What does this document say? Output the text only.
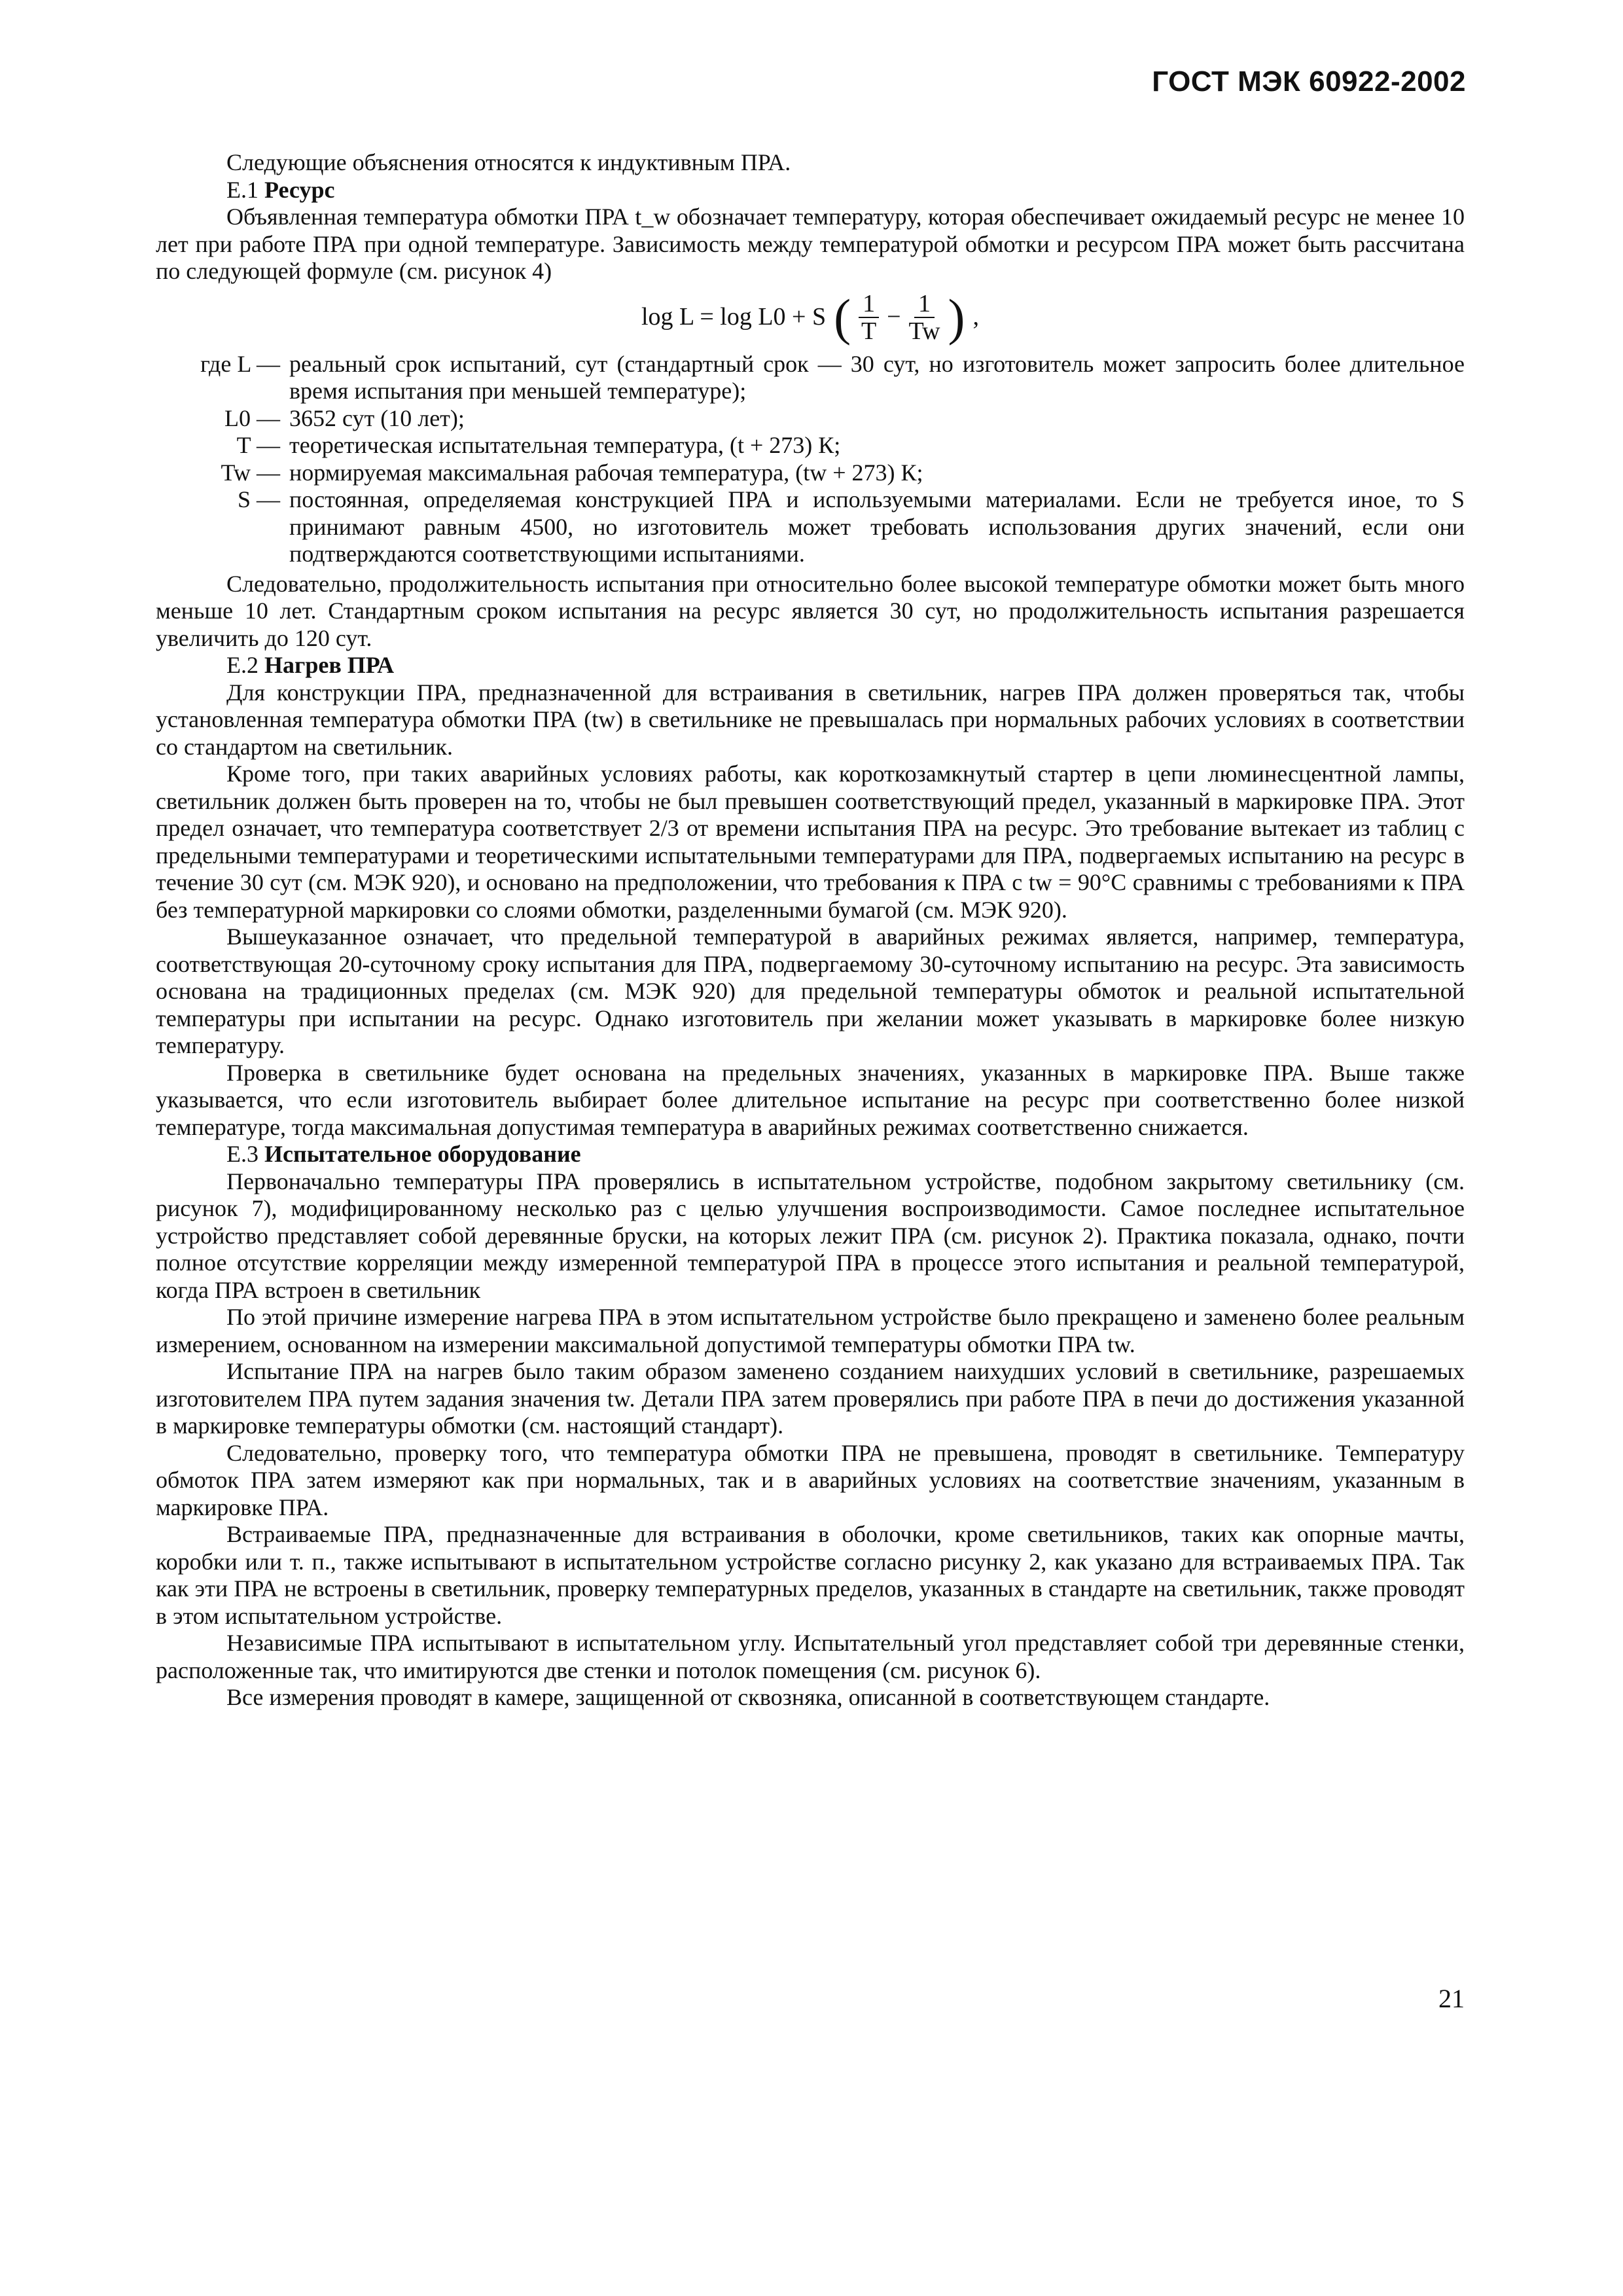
ГОСТ МЭК 60922-2002

Следующие объяснения относятся к индуктивным ПРА.

Е.1 Ресурс

Объявленная температура обмотки ПРА t_w обозначает температуру, которая обеспечивает ожидаемый ресурс не менее 10 лет при работе ПРА при одной температуре. Зависимость между температурой обмотки и ресурсом ПРА может быть рассчитана по следующей формуле (см. рисунок 4)

log L = log L0 + S ( $\frac{1}{T} - \frac{1}{Tw}$ ) ,
где L — реальный срок испытаний, сут (стандартный срок — 30 сут, но изготовитель может запросить более длительное время испытания при меньшей температуре);
L0 — 3652 сут (10 лет);
T — теоретическая испытательная температура, (t + 273) К;
Tw — нормируемая максимальная рабочая температура, (tw + 273) К;
S — постоянная, определяемая конструкцией ПРА и используемыми материалами. Если не требуется иное, то S принимают равным 4500, но изготовитель может требовать использования других значений, если они подтверждаются соответствующими испытаниями.

Следовательно, продолжительность испытания при относительно более высокой температуре обмотки может быть много меньше 10 лет. Стандартным сроком испытания на ресурс является 30 сут, но продолжительность испытания разрешается увеличить до 120 сут.

Е.2 Нагрев ПРА

Для конструкции ПРА, предназначенной для встраивания в светильник, нагрев ПРА должен проверяться так, чтобы установленная температура обмотки ПРА (tw) в светильнике не превышалась при нормальных рабочих условиях в соответствии со стандартом на светильник.

Кроме того, при таких аварийных условиях работы, как короткозамкнутый стартер в цепи люминесцентной лампы, светильник должен быть проверен на то, чтобы не был превышен соответствующий предел, указанный в маркировке ПРА. Этот предел означает, что температура соответствует 2/3 от времени испытания ПРА на ресурс. Это требование вытекает из таблиц с предельными температурами и теоретическими испытательными температурами для ПРА, подвергаемых испытанию на ресурс в течение 30 сут (см. МЭК 920), и основано на предположении, что требования к ПРА с tw = 90°С сравнимы с требованиями к ПРА без температурной маркировки со слоями обмотки, разделенными бумагой (см. МЭК 920).

Вышеуказанное означает, что предельной температурой в аварийных режимах является, например, температура, соответствующая 20-суточному сроку испытания для ПРА, подвергаемому 30-суточному испытанию на ресурс. Эта зависимость основана на традиционных пределах (см. МЭК 920) для предельной температуры обмоток и реальной испытательной температуры при испытании на ресурс. Однако изготовитель при желании может указывать в маркировке более низкую температуру.

Проверка в светильнике будет основана на предельных значениях, указанных в маркировке ПРА. Выше также указывается, что если изготовитель выбирает более длительное испытание на ресурс при соответственно более низкой температуре, тогда максимальная допустимая температура в аварийных режимах соответственно снижается.

Е.3 Испытательное оборудование

Первоначально температуры ПРА проверялись в испытательном устройстве, подобном закрытому светильнику (см. рисунок 7), модифицированному несколько раз с целью улучшения воспроизводимости. Самое последнее испытательное устройство представляет собой деревянные бруски, на которых лежит ПРА (см. рисунок 2). Практика показала, однако, почти полное отсутствие корреляции между измеренной температурой ПРА в процессе этого испытания и реальной температурой, когда ПРА встроен в светильник

По этой причине измерение нагрева ПРА в этом испытательном устройстве было прекращено и заменено более реальным измерением, основанном на измерении максимальной допустимой температуры обмотки ПРА tw.

Испытание ПРА на нагрев было таким образом заменено созданием наихудших условий в светильнике, разрешаемых изготовителем ПРА путем задания значения tw. Детали ПРА затем проверялись при работе ПРА в печи до достижения указанной в маркировке температуры обмотки (см. настоящий стандарт).

Следовательно, проверку того, что температура обмотки ПРА не превышена, проводят в светильнике. Температуру обмоток ПРА затем измеряют как при нормальных, так и в аварийных условиях на соответствие значениям, указанным в маркировке ПРА.

Встраиваемые ПРА, предназначенные для встраивания в оболочки, кроме светильников, таких как опорные мачты, коробки или т. п., также испытывают в испытательном устройстве согласно рисунку 2, как указано для встраиваемых ПРА. Так как эти ПРА не встроены в светильник, проверку температурных пределов, указанных в стандарте на светильник, также проводят в этом испытательном устройстве.

Независимые ПРА испытывают в испытательном углу. Испытательный угол представляет собой три деревянные стенки, расположенные так, что имитируются две стенки и потолок помещения (см. рисунок 6).

Все измерения проводят в камере, защищенной от сквозняка, описанной в соответствующем стандарте.

21
